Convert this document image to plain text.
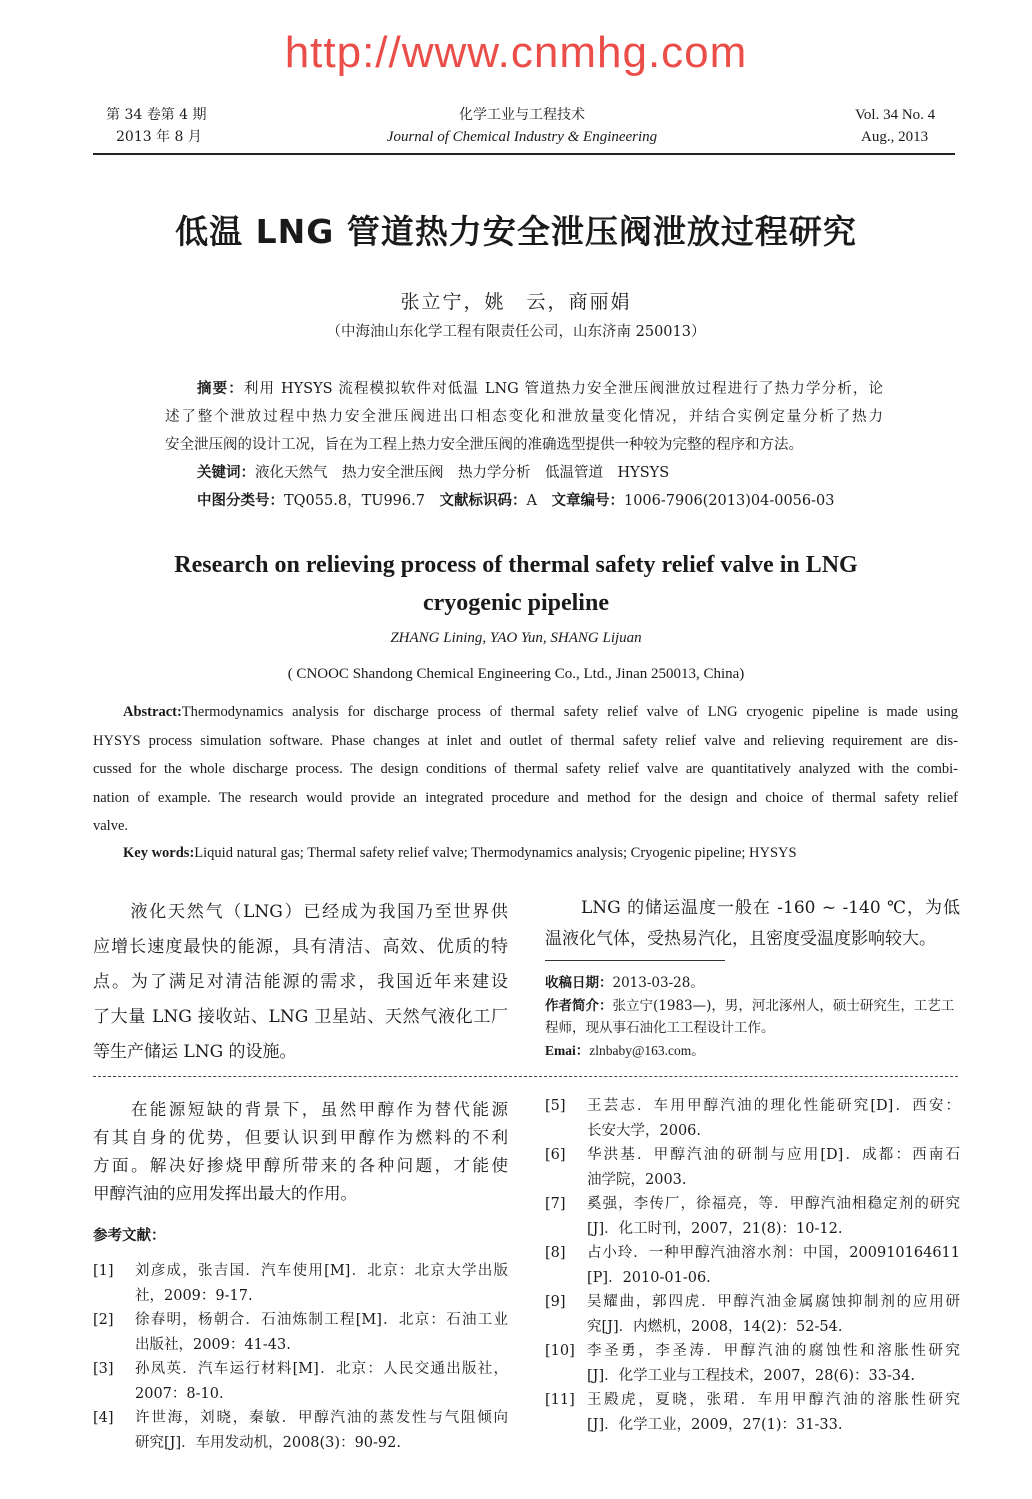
http://www.cnmhg.com
第 34 卷第 4 期
2013 年 8 月
化学工业与工程技术
Journal of Chemical Industry & Engineering
Vol. 34 No. 4
Aug., 2013
低温 LNG 管道热力安全泄压阀泄放过程研究
张立宁，姚　云，商丽娟
（中海油山东化学工程有限责任公司，山东济南 250013）
摘要：利用 HYSYS 流程模拟软件对低温 LNG 管道热力安全泄压阀泄放过程进行了热力学分析，论
述了整个泄放过程中热力安全泄压阀进出口相态变化和泄放量变化情况，并结合实例定量分析了热力
安全泄压阀的设计工况，旨在为工程上热力安全泄压阀的准确选型提供一种较为完整的程序和方法。
关键词：液化天然气　热力安全泄压阀　热力学分析　低温管道　HYSYS
中图分类号：TQ055.8，TU996.7　 文献标识码：A　 文章编号：1006-7906(2013)04-0056-03
Research on relieving process of thermal safety relief valve in LNG
cryogenic pipeline
ZHANG Lining, YAO Yun, SHANG Lijuan
( CNOOC Shandong Chemical Engineering Co., Ltd., Jinan 250013, China)
Abstract:Thermodynamics analysis for discharge process of thermal safety relief valve of LNG cryogenic pipeline is made using
HYSYS process simulation software. Phase changes at inlet and outlet of thermal safety relief valve and relieving requirement are dis-
cussed for the whole discharge process. The design conditions of thermal safety relief valve are quantitatively analyzed with the combi-
nation of example. The research would provide an integrated procedure and method for the design and choice of thermal safety relief
valve.
Key words:Liquid natural gas; Thermal safety relief valve; Thermodynamics analysis; Cryogenic pipeline; HYSYS
　　液化天然气（LNG）已经成为我国乃至世界供
应增长速度最快的能源，具有清洁、高效、优质的特
点。为了满足对清洁能源的需求，我国近年来建设
了大量 LNG 接收站、LNG 卫星站、天然气液化工厂
等生产储运 LNG 的设施。
　　LNG 的储运温度一般在 -160 ~ -140 ℃，为低
温液化气体，受热易汽化，且密度受温度影响较大。
收稿日期：2013-03-28。
作者简介：张立宁(1983—)，男，河北涿州人，硕士研究生，工艺工
程师，现从事石油化工工程设计工作。
Emai：zlnbaby@163.com。
　　在能源短缺的背景下，虽然甲醇作为替代能源
有其自身的优势，但要认识到甲醇作为燃料的不利
方面。解决好掺烧甲醇所带来的各种问题，才能使
甲醇汽油的应用发挥出最大的作用。
参考文献：
[1]	刘彦成，张吉国．汽车使用[M]．北京：北京大学出版
社，2009：9-17.
[2]	徐春明，杨朝合．石油炼制工程[M]．北京：石油工业
出版社，2009：41-43.
[3]	孙凤英．汽车运行材料[M]．北京：人民交通出版社，
2007：8-10.
[4]	许世海，刘晓，秦敏．甲醇汽油的蒸发性与气阻倾向
研究[J]．车用发动机，2008(3)：90-92.
[5]	王芸志．车用甲醇汽油的理化性能研究[D]．西安：
长安大学，2006.
[6]	华洪基．甲醇汽油的研制与应用[D]．成都：西南石
油学院，2003.
[7]	奚强，李传厂，徐福亮，等．甲醇汽油相稳定剂的研究
[J]．化工时刊，2007，21(8)：10-12.
[8]	占小玲．一种甲醇汽油溶水剂：中国，200910164611
[P]．2010-01-06.
[9]	吴耀曲，郭四虎．甲醇汽油金属腐蚀抑制剂的应用研
究[J]．内燃机，2008，14(2)：52-54.
[10] 李圣勇，李圣涛．甲醇汽油的腐蚀性和溶胀性研究
[J]．化学工业与工程技术，2007，28(6)：33-34.
[11] 王殿虎，夏晓，张珺．车用甲醇汽油的溶胀性研究
[J]．化学工业，2009，27(1)：31-33.
